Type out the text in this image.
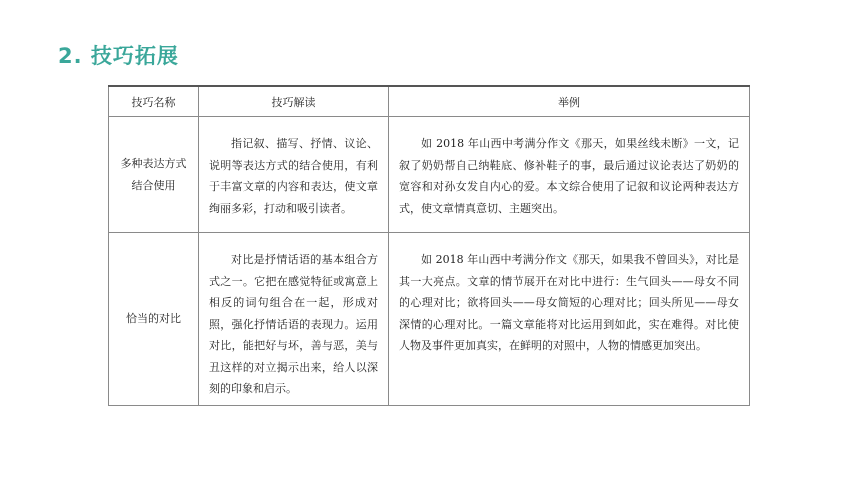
2. 技巧拓展
技巧名称	技巧解读	举例

多种表达方式
结合使用	指记叙、描写、抒情、议论、说明等表达方式的结合使用，有利于丰富文章的内容和表达，使文章绚丽多彩，打动和吸引读者。	如 2018 年山西中考满分作文《那天，如果丝线未断》一文，记叙了奶奶帮自己纳鞋底、修补鞋子的事，最后通过议论表达了奶奶的宽容和对孙女发自内心的爱。本文综合使用了记叙和议论两种表达方式，使文章情真意切、主题突出。

恰当的对比	对比是抒情话语的基本组合方式之一。它把在感觉特征或寓意上相反的词句组合在一起，形成对照，强化抒情话语的表现力。运用对比，能把好与坏，善与恶，美与丑这样的对立揭示出来，给人以深刻的印象和启示。	如 2018 年山西中考满分作文《那天，如果我不曾回头》，对比是其一大亮点。文章的情节展开在对比中进行：生气回头——母女不同的心理对比；欲将回头——母女简短的心理对比；回头所见——母女深情的心理对比。一篇文章能将对比运用到如此，实在难得。对比使人物及事件更加真实，在鲜明的对照中，人物的情感更加突出。
